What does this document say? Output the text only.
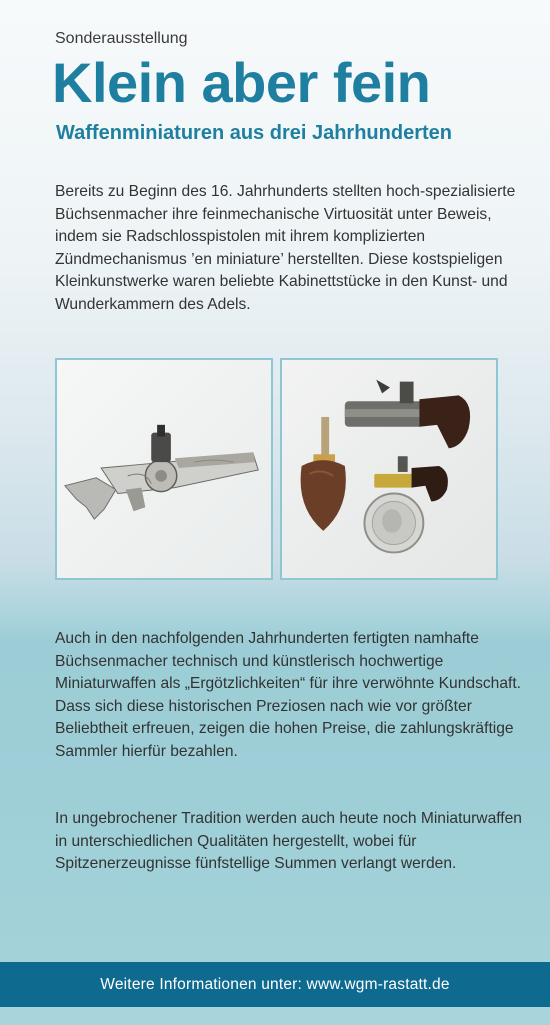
Sonderausstellung
Klein aber fein
Waffenminiaturen aus drei Jahrhunderten

Bereits zu Beginn des 16. Jahrhunderts stellten hoch-spezialisierte Büchsenmacher ihre feinmechanische Virtuosität unter Beweis, indem sie Radschlosspistolen mit ihrem komplizierten Zündmechanismus ’en miniature’ herstellten. Diese kostspieligen Kleinkunstwerke waren beliebte Kabinettstücke in den Kunst- und Wunderkammern des Adels.

Auch in den nachfolgenden Jahrhunderten fertigten namhafte Büchsenmacher technisch und künstlerisch hochwertige Miniaturwaffen als „Ergötzlichkeiten“ für ihre verwöhnte Kundschaft. Dass sich diese historischen Preziosen nach wie vor größter Beliebtheit erfreuen, zeigen die hohen Preise, die zahlungskräftige Sammler hierfür bezahlen.

In ungebrochener Tradition werden auch heute noch Miniaturwaffen in unterschiedlichen Qualitäten hergestellt, wobei für Spitzenerzeugnisse fünfstellige Summen verlangt werden.

Weitere Informationen unter: www.wgm-rastatt.de
